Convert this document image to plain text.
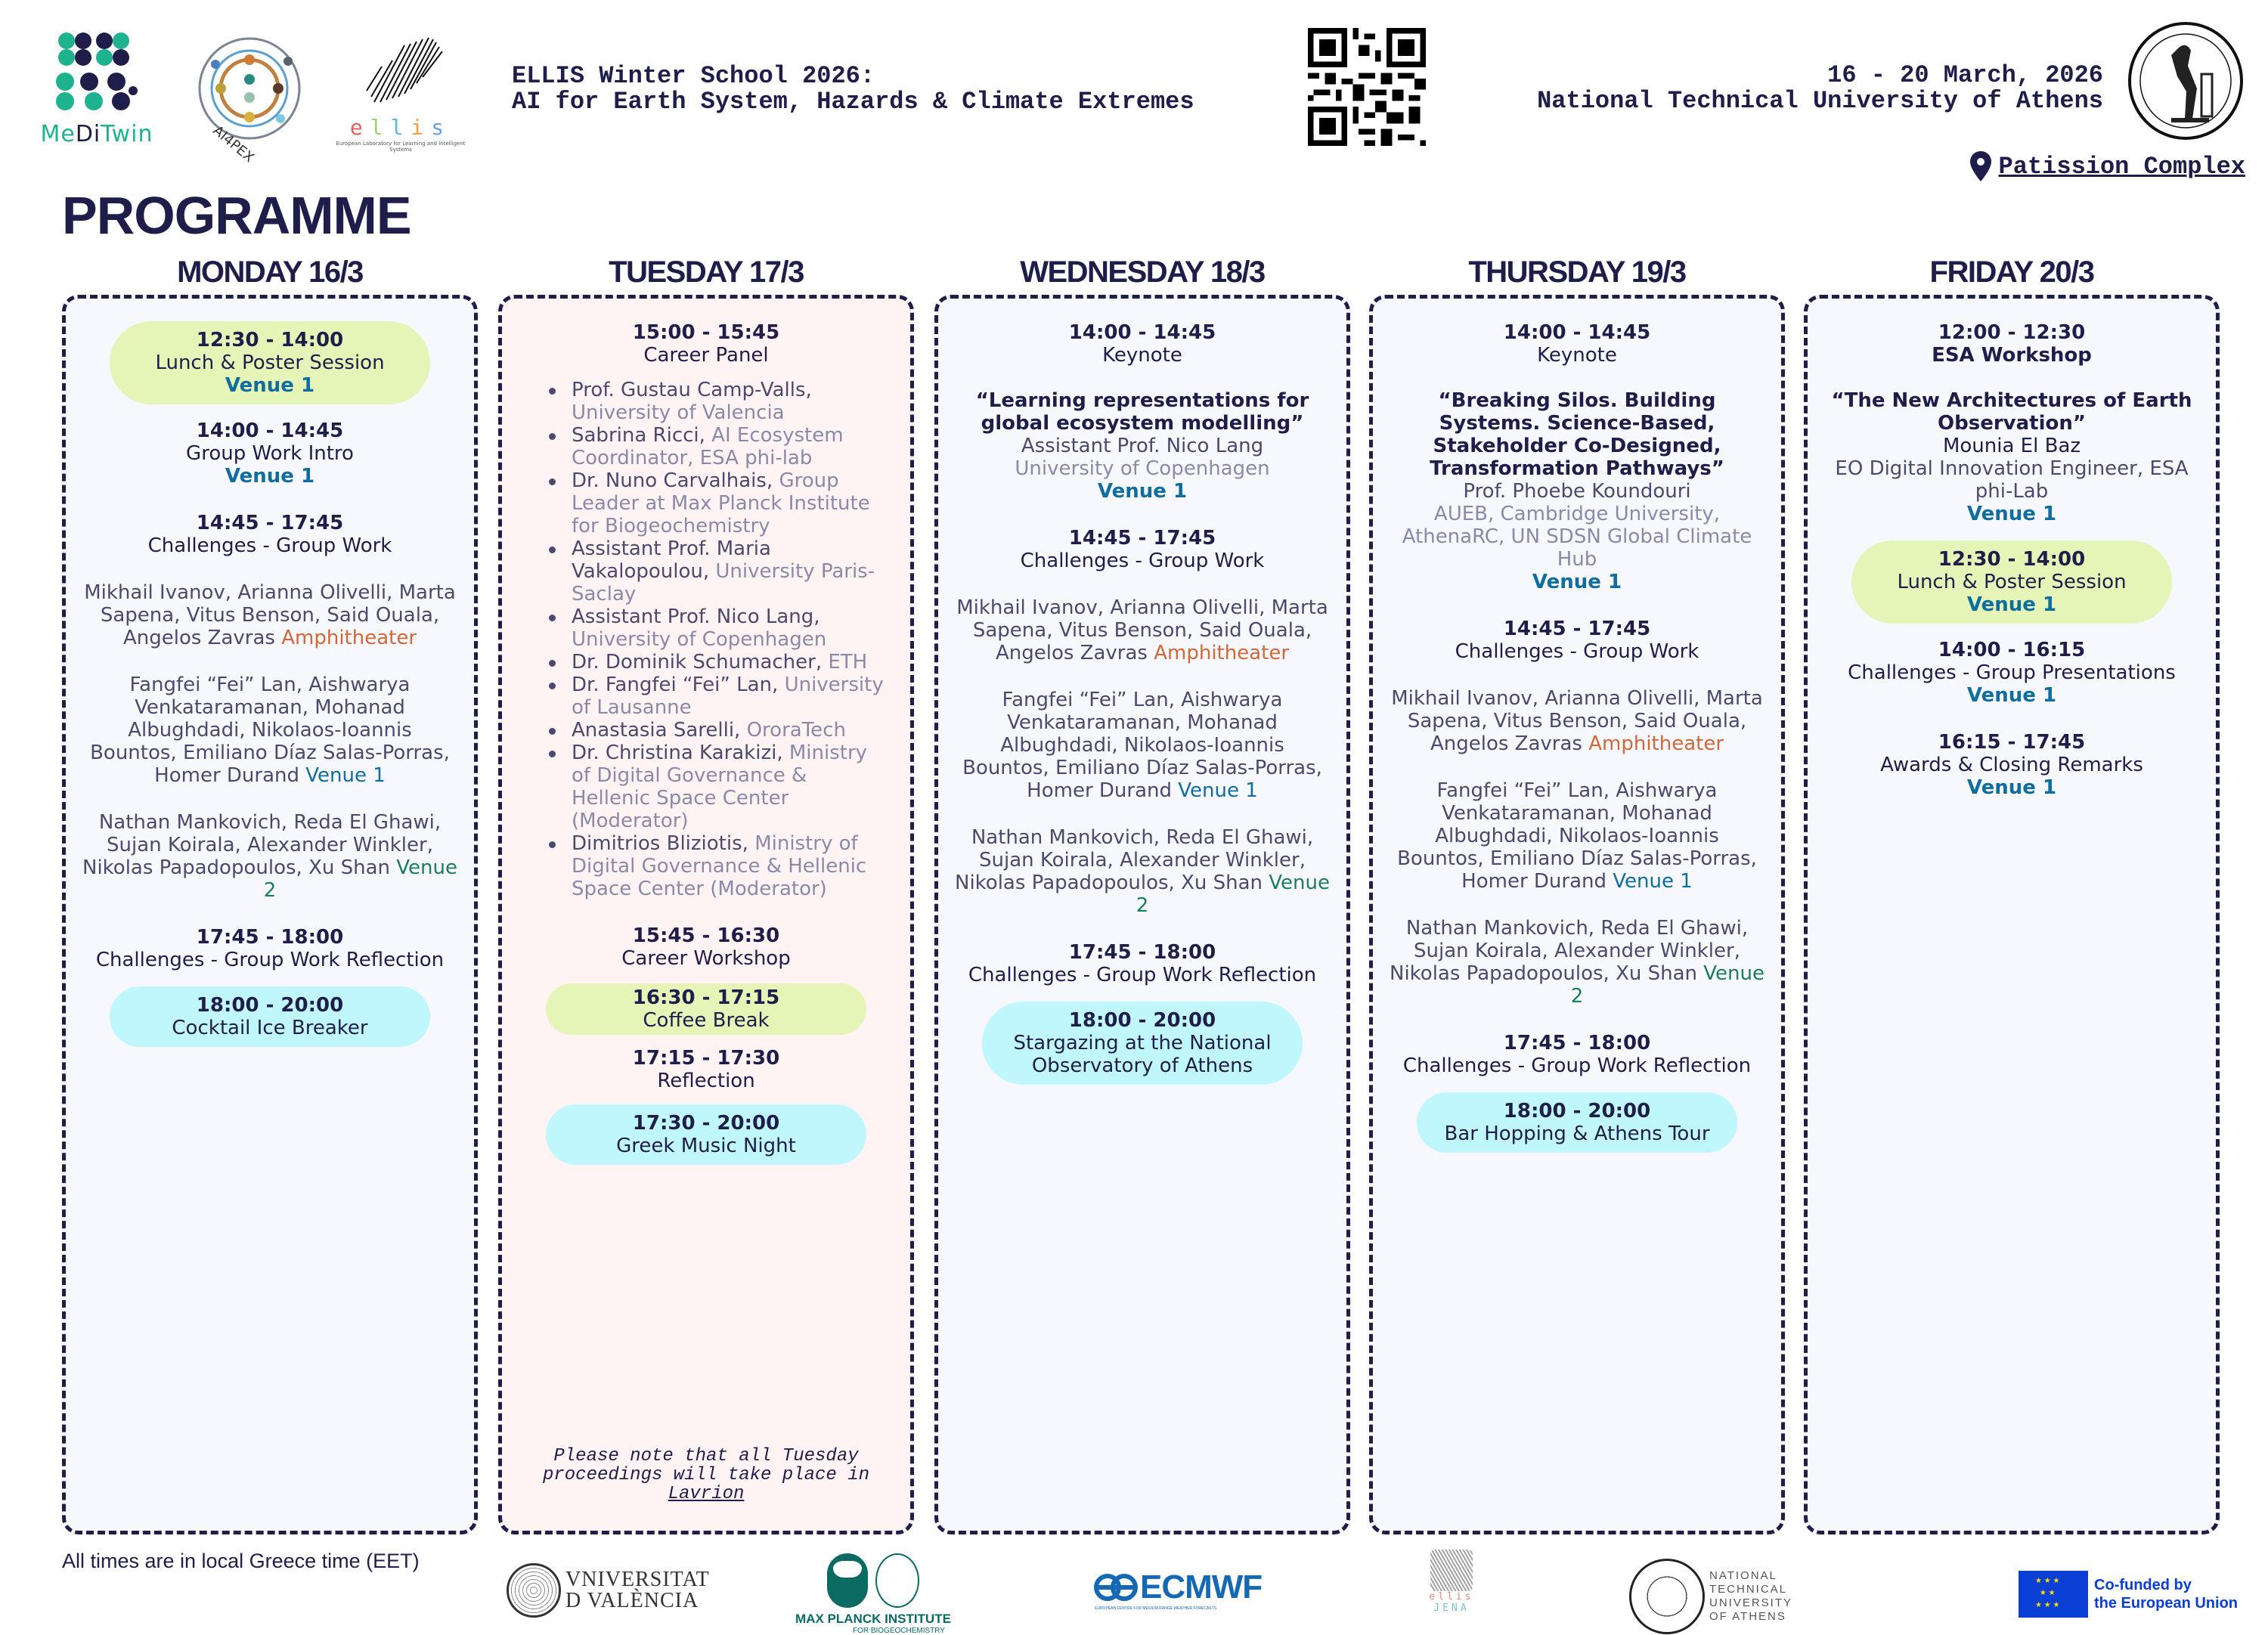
MeDiTwin	AI4PEX	ellis
European Laboratory for Learning and Intelligent Systems
ELLIS Winter School 2026:
AI for Earth System, Hazards & Climate Extremes
16 - 20 March, 2026
National Technical University of Athens
Patission Complex
PROGRAMME
MONDAY 16/3	TUESDAY 17/3	WEDNESDAY 18/3	THURSDAY 19/3	FRIDAY 20/3
12:30 - 14:00
Lunch & Poster Session
Venue 1
14:00 - 14:45
Group Work Intro
Venue 1
14:45 - 17:45
Challenges - Group Work
Mikhail Ivanov, Arianna Olivelli, Marta Sapena, Vitus Benson, Said Ouala, Angelos Zavras Amphitheater
Fangfei “Fei” Lan, Aishwarya Venkataramanan, Mohanad Albughdadi, Nikolaos-Ioannis Bountos, Emiliano Díaz Salas-Porras, Homer Durand Venue 1
Nathan Mankovich, Reda El Ghawi, Sujan Koirala, Alexander Winkler, Nikolas Papadopoulos, Xu Shan Venue 2
17:45 - 18:00
Challenges - Group Work Reflection
18:00 - 20:00
Cocktail Ice Breaker
15:00 - 15:45
Career Panel
Prof. Gustau Camp-Valls, University of Valencia
Sabrina Ricci, AI Ecosystem Coordinator, ESA phi-lab
Dr. Nuno Carvalhais, Group Leader at Max Planck Institute for Biogeochemistry
Assistant Prof. Maria Vakalopoulou, University Paris-Saclay
Assistant Prof. Nico Lang, University of Copenhagen
Dr. Dominik Schumacher, ETH
Dr. Fangfei “Fei” Lan, University of Lausanne
Anastasia Sarelli, OroraTech
Dr. Christina Karakizi, Ministry of Digital Governance & Hellenic Space Center (Moderator)
Dimitrios Bliziotis, Ministry of Digital Governance & Hellenic Space Center (Moderator)
15:45 - 16:30
Career Workshop
16:30 - 17:15
Coffee Break
17:15 - 17:30
Reflection
17:30 - 20:00
Greek Music Night
Please note that all Tuesday proceedings will take place in
Lavrion
14:00 - 14:45
Keynote
“Learning representations for global ecosystem modelling”
Assistant Prof. Nico Lang
University of Copenhagen
Venue 1
14:45 - 17:45
Challenges - Group Work
Mikhail Ivanov, Arianna Olivelli, Marta Sapena, Vitus Benson, Said Ouala, Angelos Zavras Amphitheater
Fangfei “Fei” Lan, Aishwarya Venkataramanan, Mohanad Albughdadi, Nikolaos-Ioannis Bountos, Emiliano Díaz Salas-Porras, Homer Durand Venue 1
Nathan Mankovich, Reda El Ghawi, Sujan Koirala, Alexander Winkler, Nikolas Papadopoulos, Xu Shan Venue 2
17:45 - 18:00
Challenges - Group Work Reflection
18:00 - 20:00
Stargazing at the National Observatory of Athens
14:00 - 14:45
Keynote
“Breaking Silos. Building Systems. Science-Based, Stakeholder Co-Designed, Transformation Pathways”
Prof. Phoebe Koundouri
AUEB, Cambridge University, AthenaRC, UN SDSN Global Climate Hub
Venue 1
14:45 - 17:45
Challenges - Group Work
Mikhail Ivanov, Arianna Olivelli, Marta Sapena, Vitus Benson, Said Ouala, Angelos Zavras Amphitheater
Fangfei “Fei” Lan, Aishwarya Venkataramanan, Mohanad Albughdadi, Nikolaos-Ioannis Bountos, Emiliano Díaz Salas-Porras, Homer Durand Venue 1
Nathan Mankovich, Reda El Ghawi, Sujan Koirala, Alexander Winkler, Nikolas Papadopoulos, Xu Shan Venue 2
17:45 - 18:00
Challenges - Group Work Reflection
18:00 - 20:00
Bar Hopping & Athens Tour
12:00 - 12:30
ESA Workshop
“The New Architectures of Earth Observation”
Mounia El Baz
EO Digital Innovation Engineer, ESA phi-Lab
Venue 1
12:30 - 14:00
Lunch & Poster Session
Venue 1
14:00 - 16:15
Challenges - Group Presentations
Venue 1
16:15 - 17:45
Awards & Closing Remarks
Venue 1
All times are in local Greece time (EET)
VNIVERSITAT
D VALÈNCIA
MAX PLANCK INSTITUTE
FOR BIOGEOCHEMISTRY
ECMWF
EUROPEAN CENTRE FOR MEDIUM-RANGE WEATHER FORECASTS
ellis
JENA
NATIONAL
TECHNICAL
UNIVERSITY
OF ATHENS
★ ★ ★ ★ ★ ★ ★ ★
Co-funded by
the European Union
